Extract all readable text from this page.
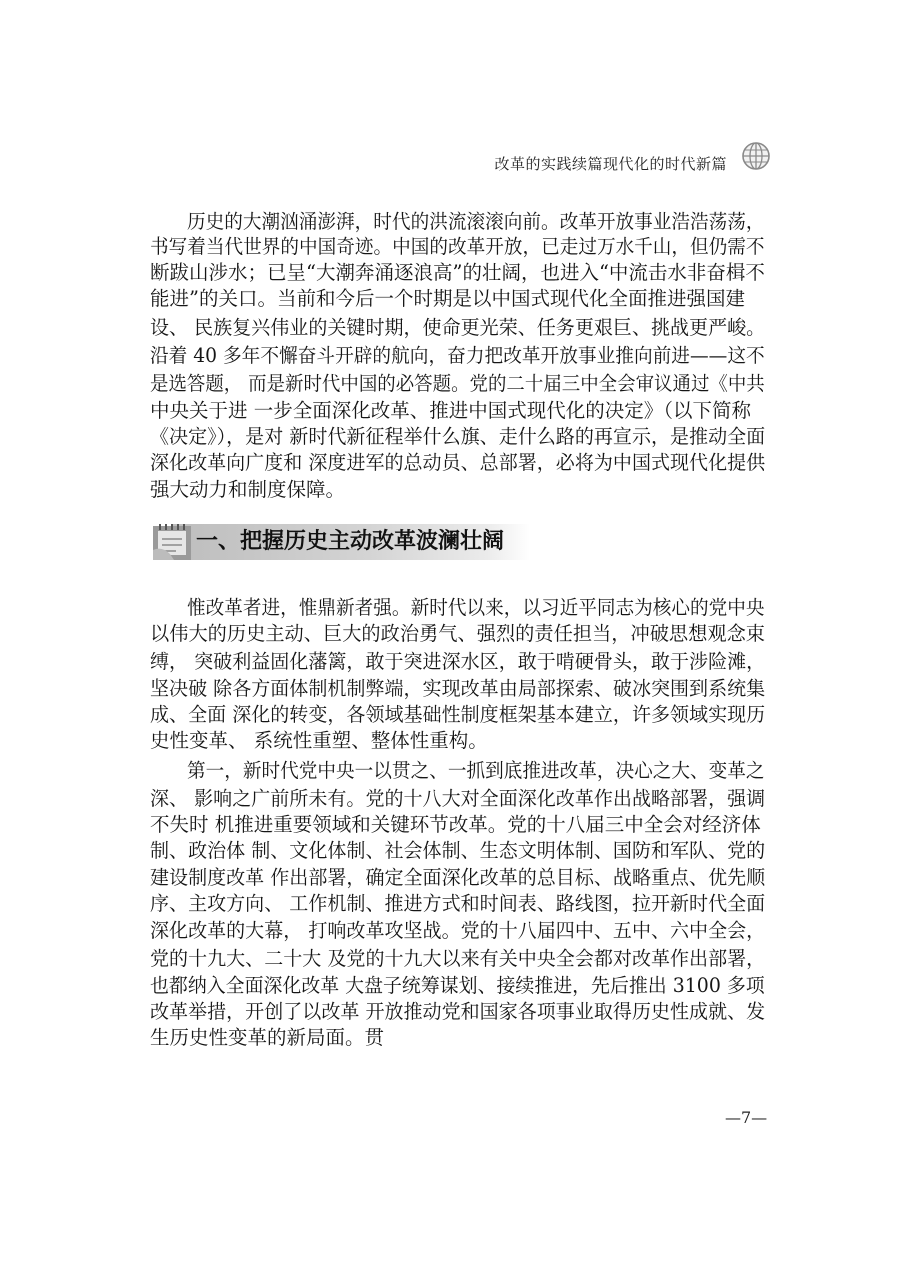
改革的实践续篇现代化的时代新篇
历史的大潮汹涌澎湃，时代的洪流滚滚向前。改革开放事业浩浩荡荡，
书写着当代世界的中国奇迹。中国的改革开放，已走过万水千山，但仍需不
断跋山涉水；已呈“大潮奔涌逐浪高”的壮阔，也进入“中流击水非奋楫不
能进”的关口。当前和今后一个时期是以中国式现代化全面推进强国建
设、 民族复兴伟业的关键时期，使命更光荣、任务更艰巨、挑战更严峻。
沿着 40 多年不懈奋斗开辟的航向，奋力把改革开放事业推向前进——这不
是选答题， 而是新时代中国的必答题。党的二十届三中全会审议通过《中共
中央关于进 一步全面深化改革、推进中国式现代化的决定》（以下简称
《决定》），是对 新时代新征程举什么旗、走什么路的再宣示，是推动全面
深化改革向广度和 深度进军的总动员、总部署，必将为中国式现代化提供
强大动力和制度保障。
一、把握历史主动改革波澜壮阔
惟改革者进，惟鼎新者强。新时代以来，以习近平同志为核心的党中央
以伟大的历史主动、巨大的政治勇气、强烈的责任担当，冲破思想观念束
缚， 突破利益固化藩篱，敢于突进深水区，敢于啃硬骨头，敢于涉险滩，
坚决破 除各方面体制机制弊端，实现改革由局部探索、破冰突围到系统集
成、全面 深化的转变，各领域基础性制度框架基本建立，许多领域实现历
史性变革、 系统性重塑、整体性重构。
第一，新时代党中央一以贯之、一抓到底推进改革，决心之大、变革之
深、 影响之广前所未有。党的十八大对全面深化改革作出战略部署，强调
不失时 机推进重要领域和关键环节改革。党的十八届三中全会对经济体
制、政治体 制、文化体制、社会体制、生态文明体制、国防和军队、党的
建设制度改革 作出部署，确定全面深化改革的总目标、战略重点、优先顺
序、主攻方向、 工作机制、推进方式和时间表、路线图，拉开新时代全面
深化改革的大幕， 打响改革攻坚战。党的十八届四中、五中、六中全会，
党的十九大、二十大 及党的十九大以来有关中央全会都对改革作出部署，
也都纳入全面深化改革 大盘子统筹谋划、接续推进，先后推出 3100 多项
改革举措，开创了以改革 开放推动党和国家各项事业取得历史性成就、发
生历史性变革的新局面。贯
—7—
